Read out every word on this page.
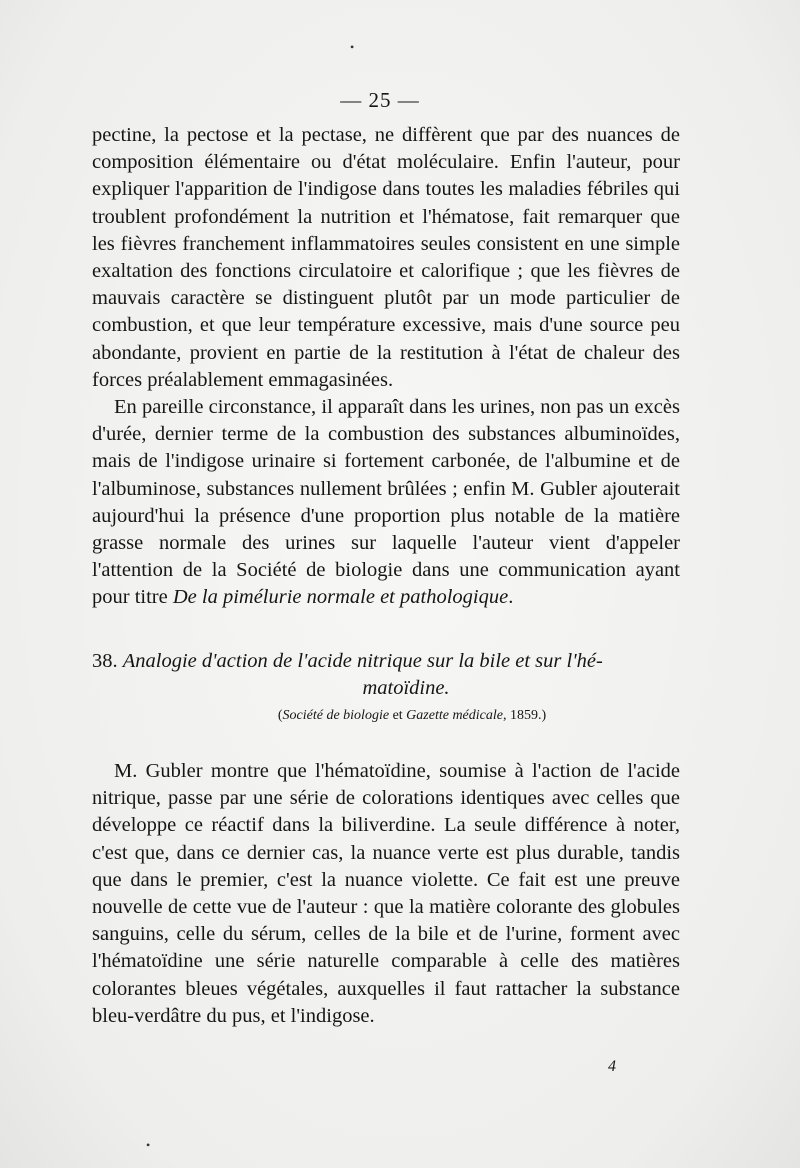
— 25 —

pectine, la pectose et la pectase, ne diffèrent que par des nuances de composition élémentaire ou d'état moléculaire. Enfin l'auteur, pour expliquer l'apparition de l'indigose dans toutes les maladies fébriles qui troublent profondément la nutrition et l'hématose, fait remarquer que les fièvres franchement inflammatoires seules consistent en une simple exaltation des fonctions circulatoire et calorifique ; que les fièvres de mauvais caractère se distinguent plutôt par un mode particulier de combustion, et que leur température excessive, mais d'une source peu abondante, provient en partie de la restitution à l'état de chaleur des forces préalablement emmagasinées.

En pareille circonstance, il apparaît dans les urines, non pas un excès d'urée, dernier terme de la combustion des substances albuminoïdes, mais de l'indigose urinaire si fortement carbonée, de l'albumine et de l'albuminose, substances nullement brûlées ; enfin M. Gubler ajouterait aujourd'hui la présence d'une proportion plus notable de la matière grasse normale des urines sur laquelle l'auteur vient d'appeler l'attention de la Société de biologie dans une communication ayant pour titre De la pimélurie normale et pathologique.

38. Analogie d'action de l'acide nitrique sur la bile et sur l'hé-
matoïdine.
(Société de biologie et Gazette médicale, 1859.)

M. Gubler montre que l'hématoïdine, soumise à l'action de l'acide nitrique, passe par une série de colorations identiques avec celles que développe ce réactif dans la biliverdine. La seule différence à noter, c'est que, dans ce dernier cas, la nuance verte est plus durable, tandis que dans le premier, c'est la nuance violette. Ce fait est une preuve nouvelle de cette vue de l'auteur : que la matière colorante des globules sanguins, celle du sérum, celles de la bile et de l'urine, forment avec l'hématoïdine une série naturelle comparable à celle des matières colorantes bleues végétales, auxquelles il faut rattacher la substance bleu-verdâtre du pus, et l'indigose.

4
•
•
